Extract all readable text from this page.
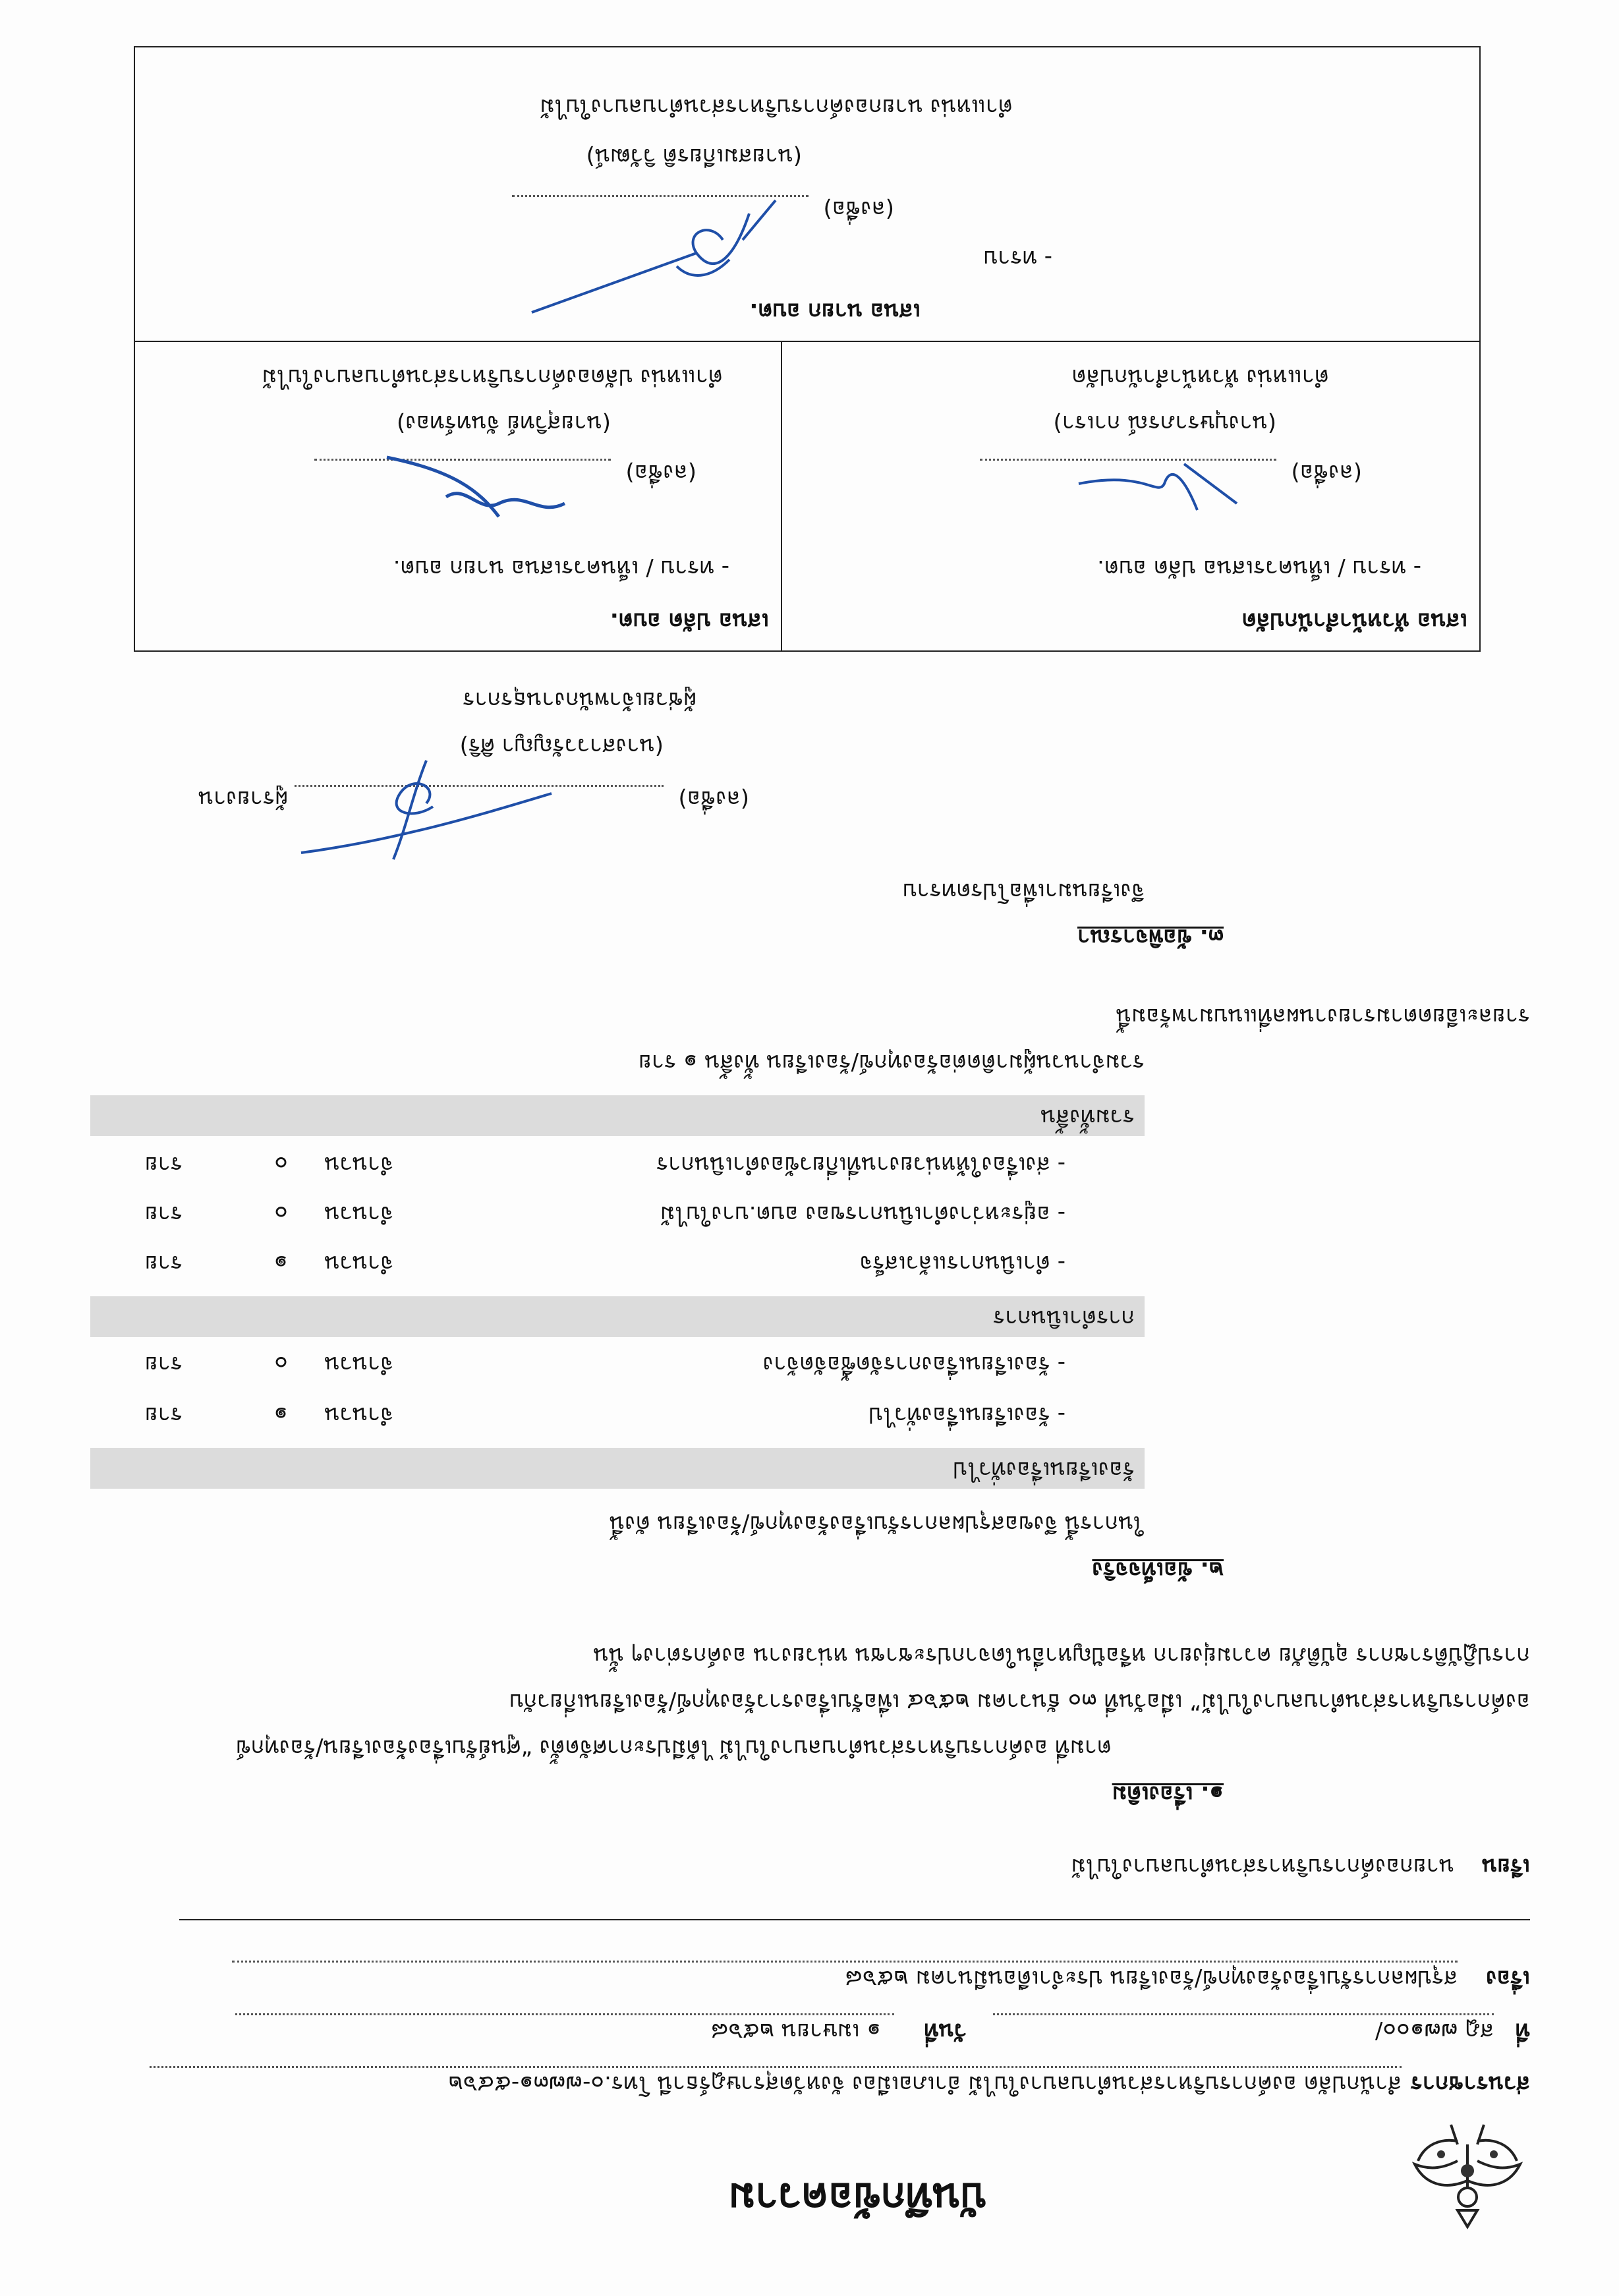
บันทึกข้อความ
ส่วนราชการ
สำนักปลัด องค์การบริหารส่วนตำบลบางใบไม้ อำเภอเมือง จังหวัดสุราษฎร์ธานี โทร.๐-๗๗๓๑-๕๔๖๒
ที่
สฎ ๗๗๑๐๐/
วันที่
๑ เมษายน ๒๕๖๘
เรื่อง
สรุปผลการรับเรื่องร้องทุกข์/ร้องเรียน ประจำเดือนมีนาคม ๒๕๖๘
เรียน
นายกองค์การบริหารส่วนตำบลบางใบไม้
๑. เรื่องเดิม
ตามที่ องค์การบริหารส่วนตำบลบางใบไม้ ได้มีประกาศจัดตั้ง “ศูนย์รับเรื่องร้องเรียน/ร้องทุกข์
องค์การบริหารส่วนตำบลบางใบไม้” เมื่อวันที่ ๓๐ ธันวาคม ๒๕๖๔ เพื่อรับเรื่องราวร้องทุกข์/ร้องเรียนเกี่ยวกับ
การปฏิบัติราชการ อุบัติภัย ความยุ่งยาก หรือปัญหาอื่นใดจากประชาชน หน่วยงาน องค์กรต่างๆ นั้น
๒. ข้อเท็จจริง
ในการนี้ จึงขอสรุปผลการรับเรื่องร้องทุกข์/ร้องเรียน ดังนี้
ร้องเรียนเรื่องทั่วไป
- ร้องเรียนเรื่องทั่วไป
จำนวน
๑
ราย
- ร้องเรียนเรื่องการจัดซื้อจัดจ้าง
จำนวน
๐
ราย
การดำเนินการ
- ดำเนินการแล้วเสร็จ
จำนวน
๑
ราย
- อยู่ระหว่างดำเนินการของ อบต.บางใบไม้
จำนวน
๐
ราย
- ส่งเรื่องให้หน่วยงานที่เกี่ยวข้องดำเนินการ
จำนวน
๐
ราย
รวมทั้งสิ้น
รวมจำนวนผู้มาติดต่อร้องทุกข์/ร้องเรียน ทั้งสิ้น ๑ ราย
รายละเอียดตามรายงานผลที่แนบมาพร้อมนี้
๓. ข้อพิจารณา
จึงเรียนมาเพื่อโปรดทราบ
(ลงชื่อ)
ผู้รายงาน
(นางสาววรัญญา ศิริ)
ผู้ช่วยเจ้าพนักงานธุรการ
เสนอ หัวหน้าสำนักปลัด
- ทราบ / เห็นควรเสนอ ปลัด อบต.
(ลงชื่อ)
(นางบุษราภรณ์ กาเรา)
ตำแหน่ง หัวหน้าสำนักปลัด
เสนอ ปลัด อบต.
- ทราบ / เห็นควรเสนอ นายก อบต.
(ลงชื่อ)
(นายสุวิทย์ จันทร์ทอง)
ตำแหน่ง ปลัดองค์การบริหารส่วนตำบลบางใบไม้
เสนอ นายก อบต.
- ทราบ
(ลงชื่อ)
(นายสมเกียรติ วิวัฒน์)
ตำแหน่ง นายกองค์การบริหารส่วนตำบลบางใบไม้
